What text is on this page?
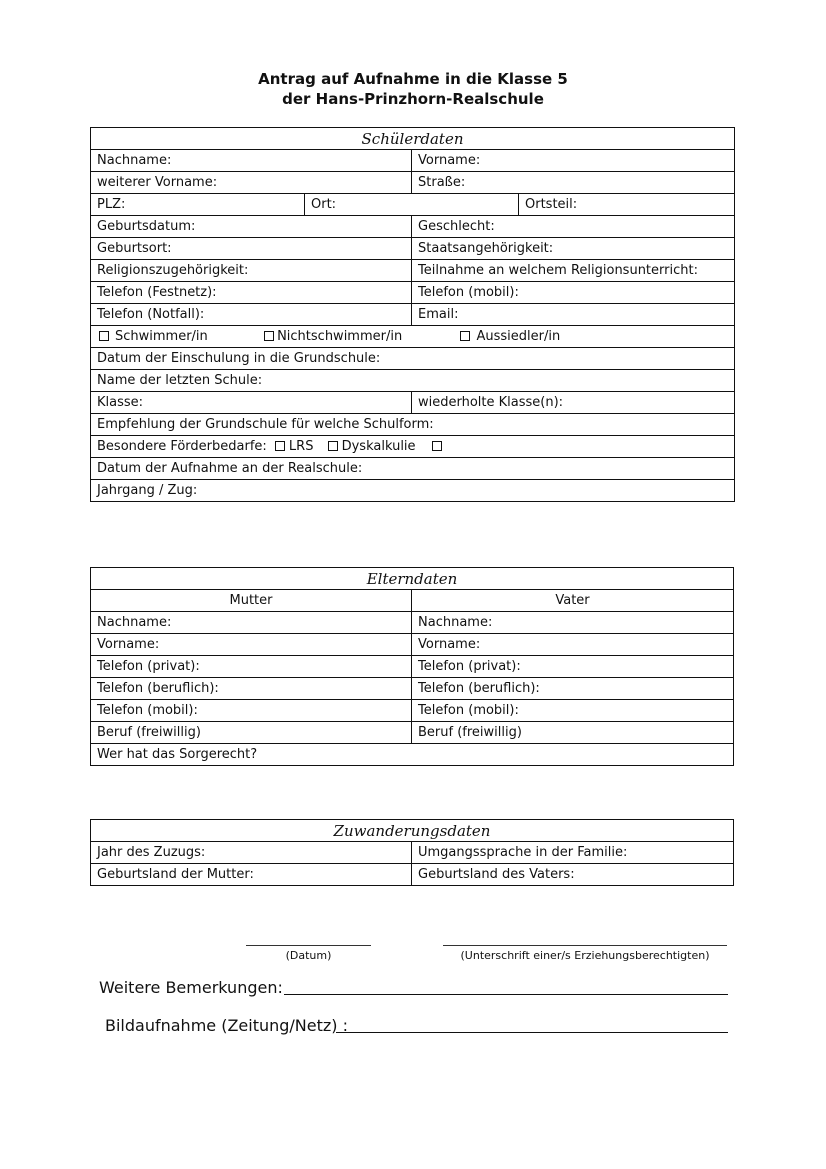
Antrag auf Aufnahme in die Klasse 5
der Hans-Prinzhorn-Realschule
Schülerdaten			
Nachname:		Vorname:	
weiterer Vorname:		Straße:	
PLZ:	Ort:		Ortsteil:
Geburtsdatum:		Geschlecht:	
Geburtsort:		Staatsangehörigkeit:	
Religionszugehörigkeit:		Teilnahme an welchem Religionsunterricht:	
Telefon (Festnetz):		Telefon (mobil):	
Telefon (Notfall):		Email:	
Schwimmer/in Nichtschwimmer/in Aussiedler/in			
Datum der Einschulung in die Grundschule:			
Name der letzten Schule:			
Klasse:		wiederholte Klasse(n):	
Empfehlung der Grundschule für welche Schulform:			
Besondere Förderbedarfe: LRS Dyskalkulie			
Datum der Aufnahme an der Realschule:			
Jahrgang / Zug:			
Elterndaten	
Mutter	Vater
Nachname:	Nachname:
Vorname:	Vorname:
Telefon (privat):	Telefon (privat):
Telefon (beruflich):	Telefon (beruflich):
Telefon (mobil):	Telefon (mobil):
Beruf (freiwillig)	Beruf (freiwillig)
Wer hat das Sorgerecht?	
Zuwanderungsdaten	
Jahr des Zuzugs:	Umgangssprache in der Familie:
Geburtsland der Mutter:	Geburtsland des Vaters:
(Datum)	(Unterschrift einer/s Erziehungsberechtigten)
Weitere Bemerkungen:
Bildaufnahme (Zeitung/Netz) :
